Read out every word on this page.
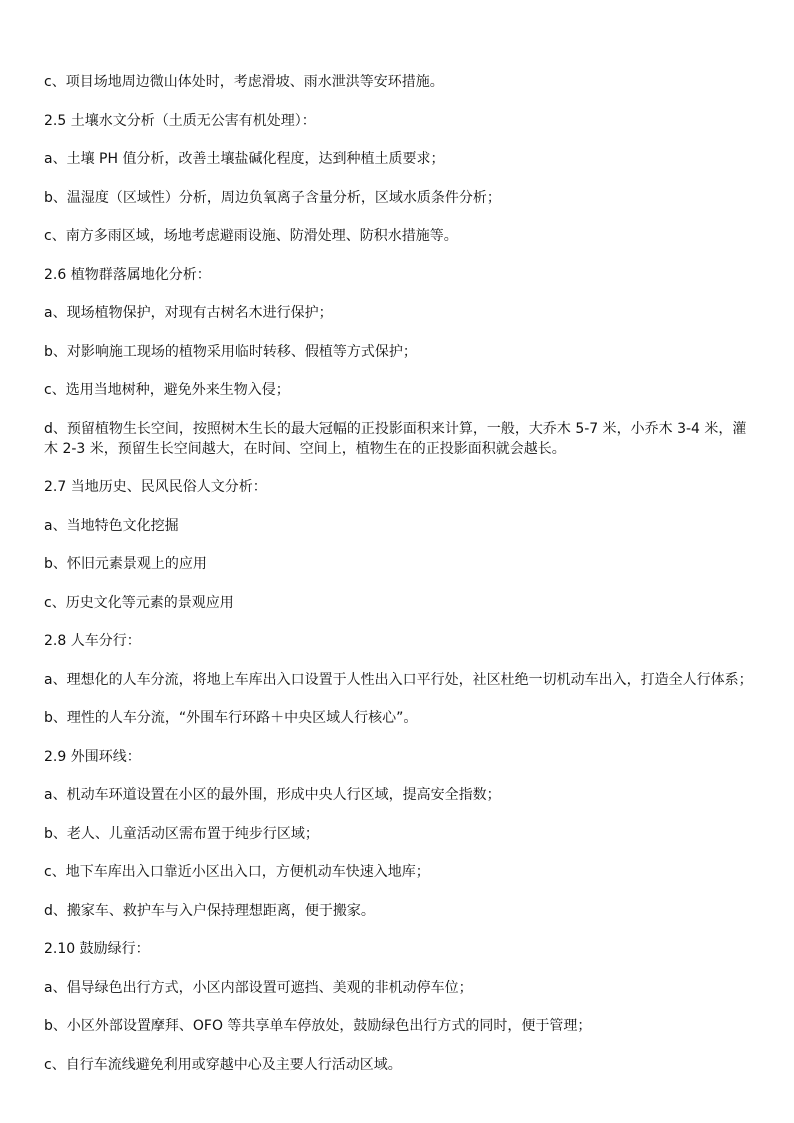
c、项目场地周边微山体处时，考虑滑坡、雨水泄洪等安环措施。

2.5 土壤水文分析（土质无公害有机处理）：

a、土壤 PH 值分析，改善土壤盐碱化程度，达到种植土质要求；

b、温湿度（区域性）分析，周边负氧离子含量分析，区域水质条件分析；

c、南方多雨区域，场地考虑避雨设施、防滑处理、防积水措施等。

2.6 植物群落属地化分析：

a、现场植物保护，对现有古树名木进行保护；

b、对影响施工现场的植物采用临时转移、假植等方式保护；

c、选用当地树种，避免外来生物入侵；

d、预留植物生长空间，按照树木生长的最大冠幅的正投影面积来计算，一般，大乔木 5-7 米，小乔木 3-4 米，灌木 2-3 米，预留生长空间越大，在时间、空间上，植物生在的正投影面积就会越长。

2.7 当地历史、民风民俗人文分析：

a、当地特色文化挖掘

b、怀旧元素景观上的应用

c、历史文化等元素的景观应用

2.8 人车分行：

a、理想化的人车分流，将地上车库出入口设置于人性出入口平行处，社区杜绝一切机动车出入，打造全人行体系；

b、理性的人车分流，“外围车行环路＋中央区域人行核心”。

2.9 外围环线：

a、机动车环道设置在小区的最外围，形成中央人行区域，提高安全指数；

b、老人、儿童活动区需布置于纯步行区域；

c、地下车库出入口靠近小区出入口，方便机动车快速入地库；

d、搬家车、救护车与入户保持理想距离，便于搬家。

2.10 鼓励绿行：

a、倡导绿色出行方式，小区内部设置可遮挡、美观的非机动停车位；

b、小区外部设置摩拜、OFO 等共享单车停放处，鼓励绿色出行方式的同时，便于管理；

c、自行车流线避免利用或穿越中心及主要人行活动区域。
